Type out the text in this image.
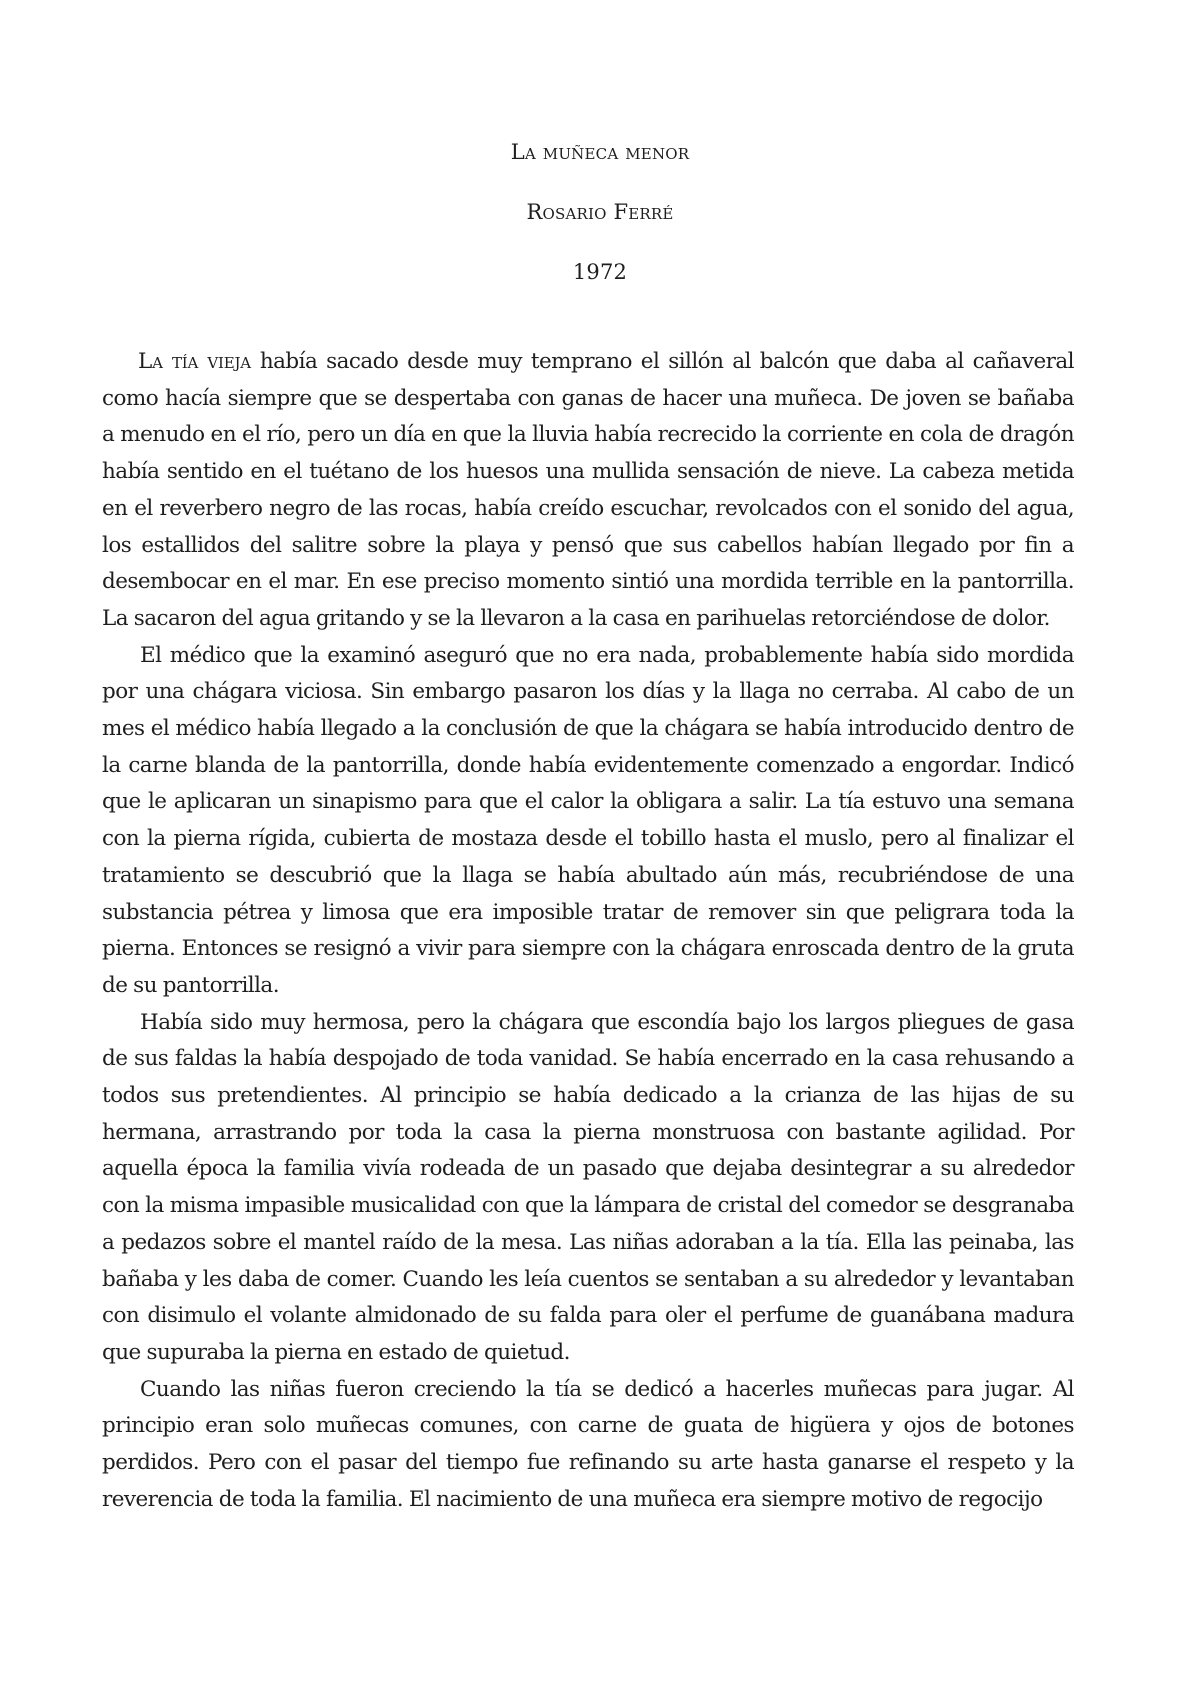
La muñeca menor
Rosario Ferré
1972

La tía vieja había sacado desde muy temprano el sillón al balcón que daba al cañaveral como hacía siempre que se despertaba con ganas de hacer una muñeca. De joven se bañaba a menudo en el río, pero un día en que la lluvia había recrecido la corriente en cola de dragón había sentido en el tuétano de los huesos una mullida sensación de nieve. La cabeza metida en el reverbero negro de las rocas, había creído escuchar, revolcados con el sonido del agua, los estallidos del salitre sobre la playa y pensó que sus cabellos habían llegado por fin a desembocar en el mar. En ese preciso momento sintió una mordida terrible en la pantorrilla. La sacaron del agua gritando y se la llevaron a la casa en parihuelas retorciéndose de dolor.

El médico que la examinó aseguró que no era nada, probablemente había sido mordida por una chágara viciosa. Sin embargo pasaron los días y la llaga no cerraba. Al cabo de un mes el médico había llegado a la conclusión de que la chágara se había introducido dentro de la carne blanda de la pantorrilla, donde había evidentemente comenzado a engordar. Indicó que le aplicaran un sinapismo para que el calor la obligara a salir. La tía estuvo una semana con la pierna rígida, cubierta de mostaza desde el tobillo hasta el muslo, pero al finalizar el tratamiento se descubrió que la llaga se había abultado aún más, recubriéndose de una substancia pétrea y limosa que era imposible tratar de remover sin que peligrara toda la pierna. Entonces se resignó a vivir para siempre con la chágara enroscada dentro de la gruta de su pantorrilla.

Había sido muy hermosa, pero la chágara que escondía bajo los largos pliegues de gasa de sus faldas la había despojado de toda vanidad. Se había encerrado en la casa rehusando a todos sus pretendientes. Al principio se había dedicado a la crianza de las hijas de su hermana, arrastrando por toda la casa la pierna monstruosa con bastante agilidad. Por aquella época la familia vivía rodeada de un pasado que dejaba desintegrar a su alrededor con la misma impasible musicalidad con que la lámpara de cristal del comedor se desgranaba a pedazos sobre el mantel raído de la mesa. Las niñas adoraban a la tía. Ella las peinaba, las bañaba y les daba de comer. Cuando les leía cuentos se sentaban a su alrededor y levantaban con disimulo el volante almidonado de su falda para oler el perfume de guanábana madura que supuraba la pierna en estado de quietud.

Cuando las niñas fueron creciendo la tía se dedicó a hacerles muñecas para jugar. Al principio eran solo muñecas comunes, con carne de guata de higüera y ojos de botones perdidos. Pero con el pasar del tiempo fue refinando su arte hasta ganarse el respeto y la reverencia de toda la familia. El nacimiento de una muñeca era siempre motivo de regocijo
